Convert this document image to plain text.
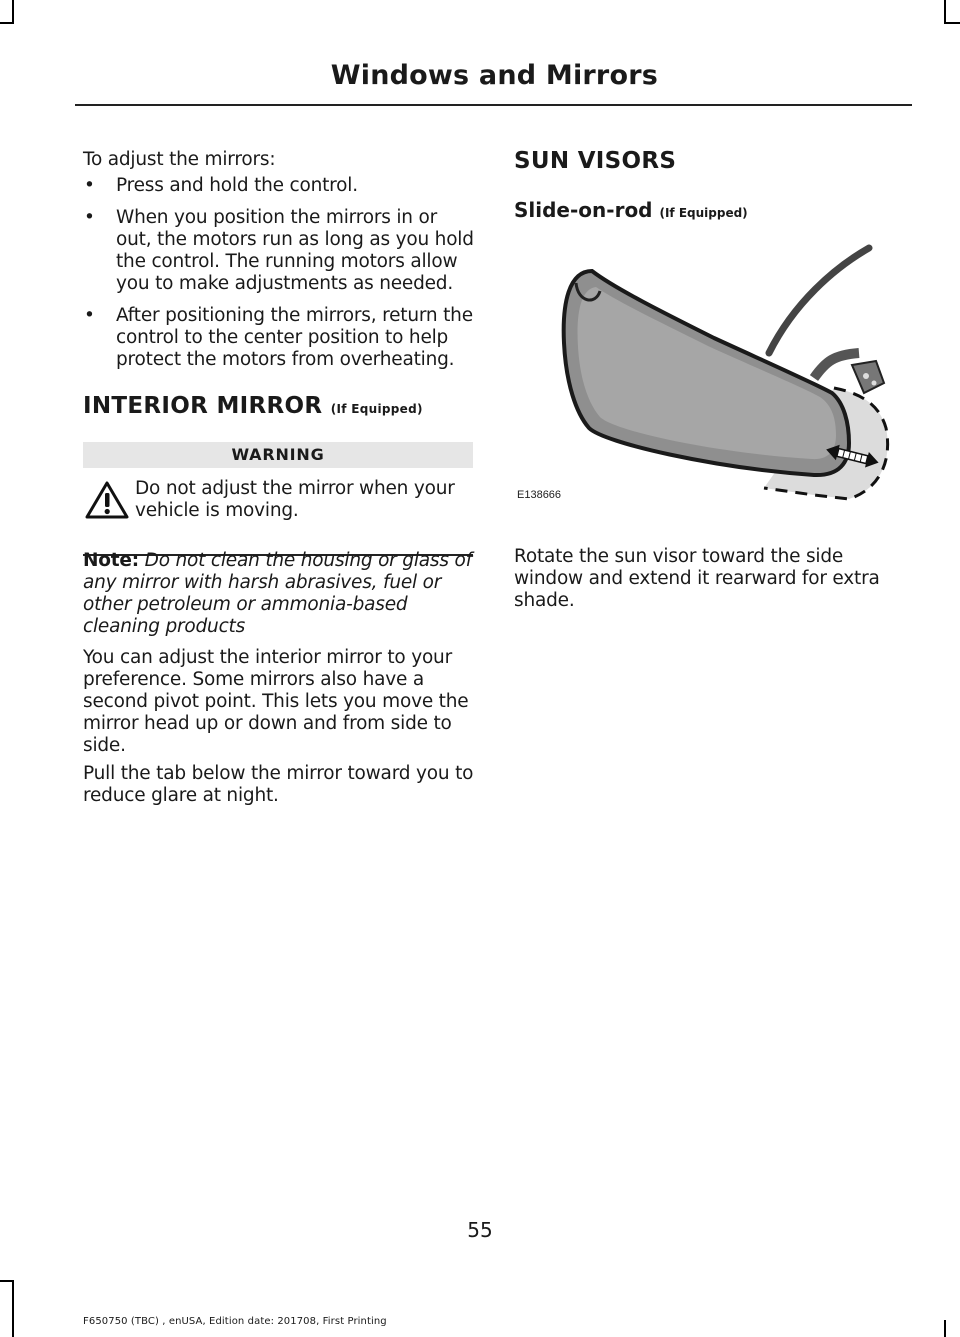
Windows and Mirrors

To adjust the mirrors:

• Press and hold the control.
• When you position the mirrors in or out, the motors run as long as you hold the control. The running motors allow you to make adjustments as needed.
• After positioning the mirrors, return the control to the center position to help protect the motors from overheating.
INTERIOR MIRROR (If Equipped)
WARNING

Do not adjust the mirror when your vehicle is moving.

Note: Do not clean the housing or glass of any mirror with harsh abrasives, fuel or other petroleum or ammonia-based cleaning products

You can adjust the interior mirror to your preference. Some mirrors also have a second pivot point. This lets you move the mirror head up or down and from side to side.

Pull the tab below the mirror toward you to reduce glare at night.

SUN VISORS
Slide-on-rod (If Equipped)
E138666

Rotate the sun visor toward the side window and extend it rearward for extra shade.

55
F650750 (TBC) , enUSA, Edition date: 201708, First Printing
